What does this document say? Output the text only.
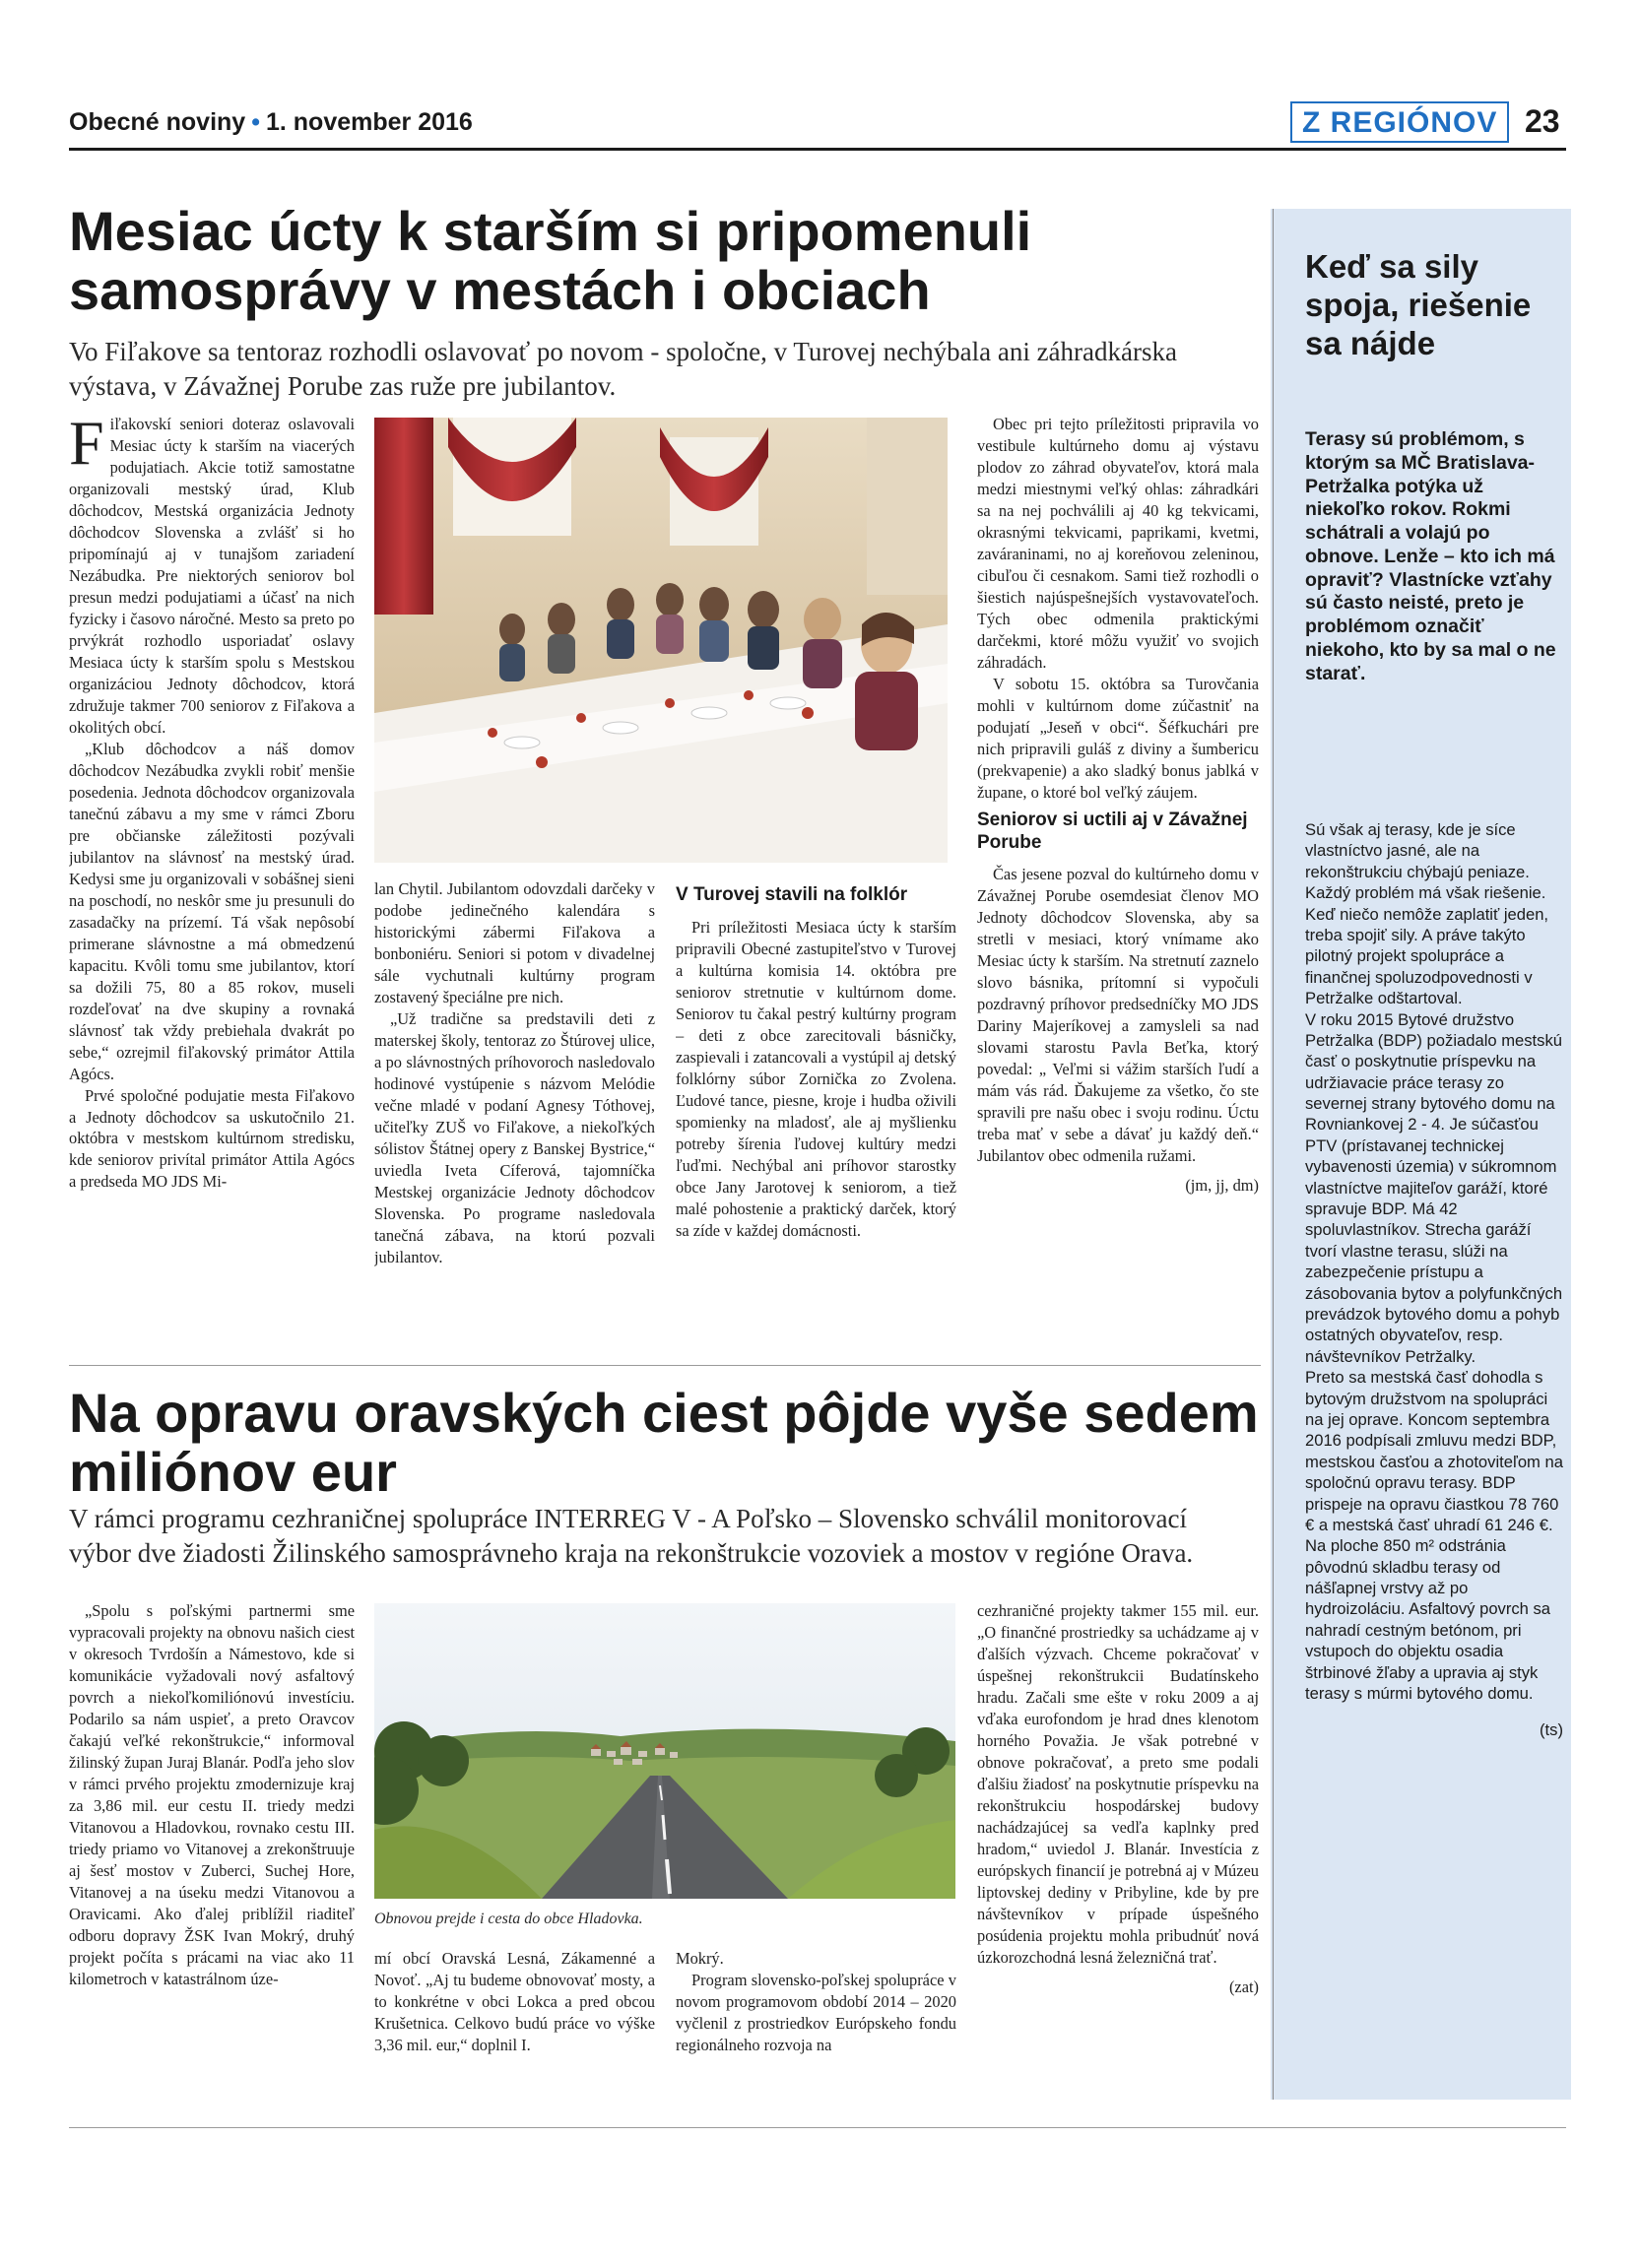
Obecné noviny • 1. november 2016	Z REGIÓNOV 23
Mesiac úcty k starším si pripomenuli samosprávy v mestách i obciach
Vo Fiľakove sa tentoraz rozhodli oslavovať po novom - spoločne, v Turovej nechýbala ani záhradkárska výstava, v Závažnej Porube zas ruže pre jubilantov.

Fiľakovskí seniori doteraz oslavovali Mesiac úcty k starším na viacerých podujatiach. Akcie totiž samostatne organizovali mestský úrad, Klub dôchodcov, Mestská organizácia Jednoty dôchodcov Slovenska a zvlášť si ho pripomínajú aj v tunajšom zariadení Nezábudka. Pre niektorých seniorov bol presun medzi podujatiami a účasť na nich fyzicky i časovo náročné. Mesto sa preto po prvýkrát rozhodlo usporiadať oslavy Mesiaca úcty k starším spolu s Mestskou organizáciou Jednoty dôchodcov, ktorá združuje takmer 700 seniorov z Fiľakova a okolitých obcí.

„Klub dôchodcov a náš domov dôchodcov Nezábudka zvykli robiť menšie posedenia. Jednota dôchodcov organizovala tanečnú zábavu a my sme v rámci Zboru pre občianske záležitosti pozývali jubilantov na slávnosť na mestský úrad. Kedysi sme ju organizovali v sobášnej sieni na poschodí, no neskôr sme ju presunuli do zasadačky na prízemí. Tá však nepôsobí primerane slávnostne a má obmedzenú kapacitu. Kvôli tomu sme jubilantov, ktorí sa dožili 75, 80 a 85 rokov, museli rozdeľovať na dve skupiny a rovnaká slávnosť tak vždy prebiehala dvakrát po sebe,“ ozrejmil fiľakovský primátor Attila Agócs.

Prvé spoločné podujatie mesta Fiľakovo a Jednoty dôchodcov sa uskutočnilo 21. októbra v mestskom kultúrnom stredisku, kde seniorov privítal primátor Attila Agócs a predseda MO JDS Mi-

lan Chytil. Jubilantom odovzdali darčeky v podobe jedinečného kalendára s historickými zábermi Fiľakova a bonboniéru. Seniori si potom v divadelnej sále vychutnali kultúrny program zostavený špeciálne pre nich.

„Už tradične sa predstavili deti z materskej školy, tentoraz zo Štúrovej ulice, a po slávnostných príhovoroch nasledovalo hodinové vystúpenie s názvom Melódie večne mladé v podaní Agnesy Tóthovej, učiteľky ZUŠ vo Fiľakove, a niekoľkých sólistov Štátnej opery z Banskej Bystrice,“ uviedla Iveta Cíferová, tajomníčka Mestskej organizácie Jednoty dôchodcov Slovenska. Po programe nasledovala tanečná zábava, na ktorú pozvali jubilantov.

V Turovej stavili na folklór

Pri príležitosti Mesiaca úcty k starším pripravili Obecné zastupiteľstvo v Turovej a kultúrna komisia 14. októbra pre seniorov stretnutie v kultúrnom dome. Seniorov tu čakal pestrý kultúrny program – deti z obce zarecitovali básničky, zaspievali i zatancovali a vystúpil aj detský folklórny súbor Zornička zo Zvolena. Ľudové tance, piesne, kroje i hudba oživili spomienky na mladosť, ale aj myšlienku potreby šírenia ľudovej kultúry medzi ľuďmi. Nechýbal ani príhovor starostky obce Jany Jarotovej k seniorom, a tiež malé pohostenie a praktický darček, ktorý sa zíde v každej domácnosti.

Obec pri tejto príležitosti pripravila vo vestibule kultúrneho domu aj výstavu plodov zo záhrad obyvateľov, ktorá mala medzi miestnymi veľký ohlas: záhradkári sa na nej pochválili aj 40 kg tekvicami, okrasnými tekvicami, paprikami, kvetmi, zaváraninami, no aj koreňovou zeleninou, cibuľou či cesnakom. Sami tiež rozhodli o šiestich najúspešnejších vystavovateľoch. Tých obec odmenila praktickými darčekmi, ktoré môžu využiť vo svojich záhradách.

V sobotu 15. októbra sa Turovčania mohli v kultúrnom dome zúčastniť na podujatí „Jeseň v obci“. Šéfkuchári pre nich pripravili guláš z diviny a šumbericu (prekvapenie) a ako sladký bonus jablká v župane, o ktoré bol veľký záujem.

Seniorov si uctili aj v Závažnej Porube

Čas jesene pozval do kultúrneho domu v Závažnej Porube osemdesiat členov MO Jednoty dôchodcov Slovenska, aby sa stretli v mesiaci, ktorý vnímame ako Mesiac úcty k starším. Na stretnutí zaznelo slovo básnika, prítomní si vypočuli pozdravný príhovor predsedníčky MO JDS Dariny Majeríkovej a zamysleli sa nad slovami starostu Pavla Beťka, ktorý povedal: „ Veľmi si vážim starších ľudí a mám vás rád. Ďakujeme za všetko, čo ste spravili pre našu obec i svoju rodinu. Úctu treba mať v sebe a dávať ju každý deň.“ Jubilantov obec odmenila ružami.

(jm, jj, dm)
Na opravu oravských ciest pôjde vyše sedem miliónov eur
V rámci programu cezhraničnej spolupráce INTERREG V - A Poľsko – Slovensko schválil monitorovací výbor dve žiadosti Žilinského samosprávneho kraja na rekonštrukcie vozoviek a mostov v regióne Orava.

„Spolu s poľskými partnermi sme vypracovali projekty na obnovu našich ciest v okresoch Tvrdošín a Námestovo, kde si komunikácie vyžadovali nový asfaltový povrch a niekoľkomiliónovú investíciu. Podarilo sa nám uspieť, a preto Oravcov čakajú veľké rekonštrukcie,“ informoval žilinský župan Juraj Blanár. Podľa jeho slov v rámci prvého projektu zmodernizuje kraj za 3,86 mil. eur cestu II. triedy medzi Vitanovou a Hladovkou, rovnako cestu III. triedy priamo vo Vitanovej a zrekonštruuje aj šesť mostov v Zuberci, Suchej Hore, Vitanovej a na úseku medzi Vitanovou a Oravicami. Ako ďalej priblížil riaditeľ odboru dopravy ŽSK Ivan Mokrý, druhý projekt počíta s prácami na viac ako 11 kilometroch v katastrálnom úze-

Obnovou prejde i cesta do obce Hladovka.

mí obcí Oravská Lesná, Zákamenné a Novoť. „Aj tu budeme obnovovať mosty, a to konkrétne v obci Lokca a pred obcou Krušetnica. Celkovo budú práce vo výške 3,36 mil. eur,“ doplnil I.

Mokrý.

Program slovensko-poľskej spolupráce v novom programovom období 2014 – 2020 vyčlenil z prostriedkov Európskeho fondu regionálneho rozvoja na

cezhraničné projekty takmer 155 mil. eur. „O finančné prostriedky sa uchádzame aj v ďalších výzvach. Chceme pokračovať v úspešnej rekonštrukcii Budatínskeho hradu. Začali sme ešte v roku 2009 a aj vďaka eurofondom je hrad dnes klenotom horného Považia. Je však potrebné v obnove pokračovať, a preto sme podali ďalšiu žiadosť na poskytnutie príspevku na rekonštrukciu hospodárskej budovy nachádzajúcej sa vedľa kaplnky pred hradom,“ uviedol J. Blanár. Investícia z európskych financií je potrebná aj v Múzeu liptovskej dediny v Pribyline, kde by pre návštevníkov v prípade úspešného posúdenia projektu mohla pribudnúť nová úzkorozchodná lesná železničná trať.

(zat)
Keď sa sily spoja, riešenie sa nájde
Terasy sú problémom, s ktorým sa MČ Bratislava-Petržalka potýka už niekoľko rokov. Rokmi schátrali a volajú po obnove. Lenže – kto ich má opraviť? Vlastnícke vzťahy sú často neisté, preto je problémom označiť niekoho, kto by sa mal o ne starať.

Sú však aj terasy, kde je síce vlastníctvo jasné, ale na rekonštrukciu chýbajú peniaze. Každý problém má však riešenie. Keď niečo nemôže zaplatiť jeden, treba spojiť sily. A práve takýto pilotný projekt spolupráce a finančnej spoluzodpovednosti v Petržalke odštartoval.

V roku 2015 Bytové družstvo Petržalka (BDP) požiadalo mestskú časť o poskytnutie príspevku na udržiavacie práce terasy zo severnej strany bytového domu na Rovniankovej 2 - 4. Je súčasťou PTV (prístavanej technickej vybavenosti územia) v súkromnom vlastníctve majiteľov garáží, ktoré spravuje BDP. Má 42 spoluvlastníkov. Strecha garáží tvorí vlastne terasu, slúži na zabezpečenie prístupu a zásobovania bytov a polyfunkčných prevádzok bytového domu a pohyb ostatných obyvateľov, resp. návštevníkov Petržalky.

Preto sa mestská časť dohodla s bytovým družstvom na spolupráci na jej oprave. Koncom septembra 2016 podpísali zmluvu medzi BDP, mestskou časťou a zhotoviteľom na spoločnú opravu terasy. BDP prispeje na opravu čiastkou 78 760 € a mestská časť uhradí 61 246 €.

Na ploche 850 m² odstránia pôvodnú skladbu terasy od nášľapnej vrstvy až po hydroizoláciu. Asfaltový povrch sa nahradí cestným betónom, pri vstupoch do objektu osadia štrbinové žľaby a upravia aj styk terasy s múrmi bytového domu.

(ts)
